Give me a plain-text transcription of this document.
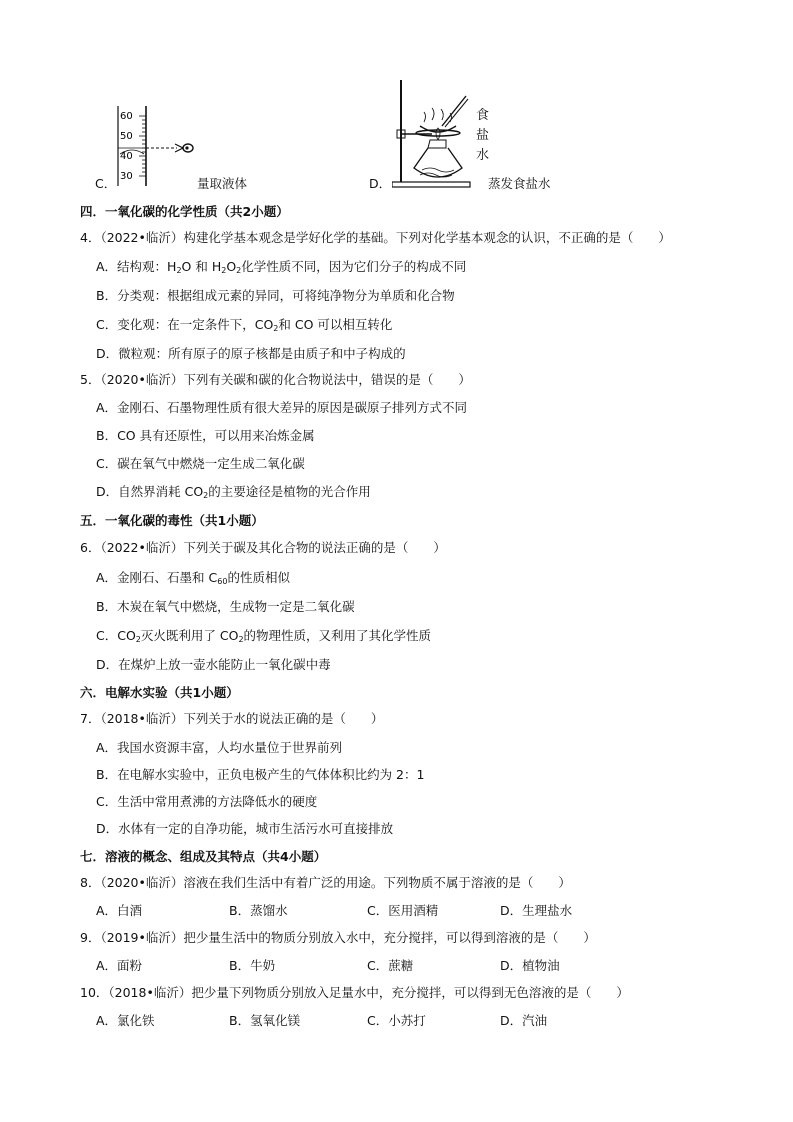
C．
60
50
40
30	量取液体	D．
食
盐
水
蒸发食盐水
四．一氧化碳的化学性质（共2小题）
4．（2022•临沂）构建化学基本观念是学好化学的基础。下列对化学基本观念的认识，不正确的是（　　）
A．结构观：$H_2O$ 和 $H_2O_2$化学性质不同，因为它们分子的构成不同
B．分类观：根据组成元素的异同，可将纯净物分为单质和化合物
C．变化观：在一定条件下，$CO_2$和 CO 可以相互转化
D．微粒观：所有原子的原子核都是由质子和中子构成的
5．（2020•临沂）下列有关碳和碳的化合物说法中，错误的是（　　）
A．金刚石、石墨物理性质有很大差异的原因是碳原子排列方式不同
B．CO 具有还原性，可以用来冶炼金属
C．碳在氧气中燃烧一定生成二氧化碳
D．自然界消耗 $CO_2$的主要途径是植物的光合作用
五．一氧化碳的毒性（共1小题）
6．（2022•临沂）下列关于碳及其化合物的说法正确的是（　　）
A．金刚石、石墨和 $C_{60}$的性质相似
B．木炭在氧气中燃烧，生成物一定是二氧化碳
C．$CO_2$灭火既利用了 $CO_2$的物理性质，又利用了其化学性质
D．在煤炉上放一壶水能防止一氧化碳中毒
六．电解水实验（共1小题）
7．（2018•临沂）下列关于水的说法正确的是（　　）
A．我国水资源丰富，人均水量位于世界前列
B．在电解水实验中，正负电极产生的气体体积比约为 2：1
C．生活中常用煮沸的方法降低水的硬度
D．水体有一定的自净功能，城市生活污水可直接排放
七．溶液的概念、组成及其特点（共4小题）
8．（2020•临沂）溶液在我们生活中有着广泛的用途。下列物质不属于溶液的是（　　）
A．白酒	B．蒸馏水	C．医用酒精	D．生理盐水
9．（2019•临沂）把少量生活中的物质分别放入水中，充分搅拌，可以得到溶液的是（　　）
A．面粉	B．牛奶	C．蔗糖	D．植物油
10．（2018•临沂）把少量下列物质分别放入足量水中，充分搅拌，可以得到无色溶液的是（　　）
A．氯化铁	B．氢氧化镁	C．小苏打	D．汽油
